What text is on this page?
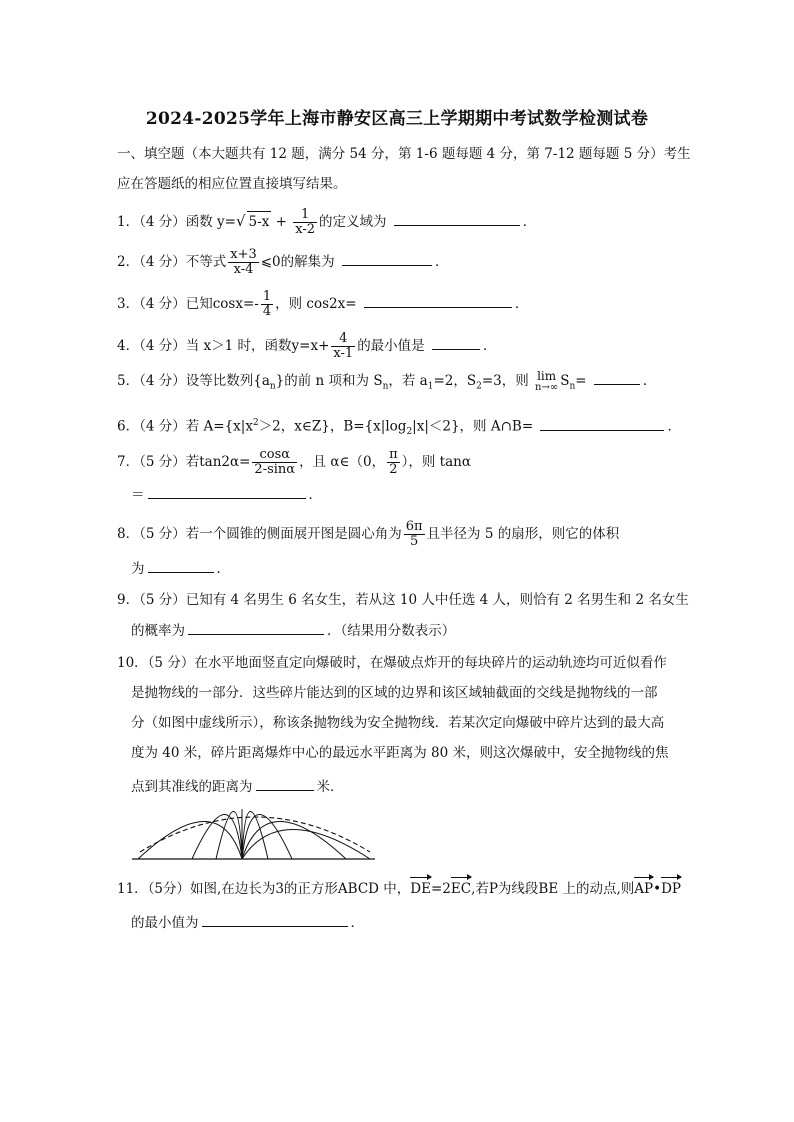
2024-2025学年上海市静安区高三上学期期中考试数学检测试卷
一、填空题（本大题共有 12 题，满分 54 分，第 1-6 题每题 4 分，第 7-12 题每题 5 分）考生
应在答题纸的相应位置直接填写结果。
1．（4 分）函数 y=√ $5-x + \frac{1}{x-2}$ 的定义域为	．
2．（4 分）不等式 $\frac{x+3}{x-4}$ ⩽0的解集为	．
3．（4 分）已知$\cos x=- \frac{1}{4}$ ，则 cos2x=	．
4．（4 分）当 x＞1 时，函数$y=x+ \frac{4}{x-1}$ 的最小值是	．
5．（4 分）设等比数列$\{a_n\}$的前 n 项和为 $S_n$，若 $a_1=2$，$S_2=3$，则 lim
n→∞ $S_n=$	．
6．（4 分）若 $A=\{x|x^2>2$，x∈Z}，$B=\{x|\log_2|x|<2\}$，则 A∩B=	．
7．（5 分）若$\tan 2\alpha= \frac{\cos\alpha}{2-\sin\alpha}$ ，且 α∈（0， $\frac{\pi}{2}$ ），则 tanα
＝	．
8．（5 分）若一个圆锥的侧面展开图是圆心角为 $\frac{6\pi}{5}$ 且半径为 5 的扇形，则它的体积
为	．
9．（5 分）已知有 4 名男生 6 名女生，若从这 10 人中任选 4 人，则恰有 2 名男生和 2 名女生
的概率为	．（结果用分数表示）
10．（5 分）在水平地面竖直定向爆破时，在爆破点炸开的每块碎片的运动轨迹均可近似看作
是抛物线的一部分．这些碎片能达到的区域的边界和该区域轴截面的交线是抛物线的一部
分（如图中虚线所示），称该条抛物线为安全抛物线．若某次定向爆破中碎片达到的最大高
度为 40 米，碎片距离爆炸中心的最远水平距离为 80 米，则这次爆破中，安全抛物线的焦
点到其准线的距离为	米．
11．（5分）如图,在边长为3的正方形ABCD 中，DE=2EC,若P为线段BE 上的动点,则AP•DP
的最小值为	．
